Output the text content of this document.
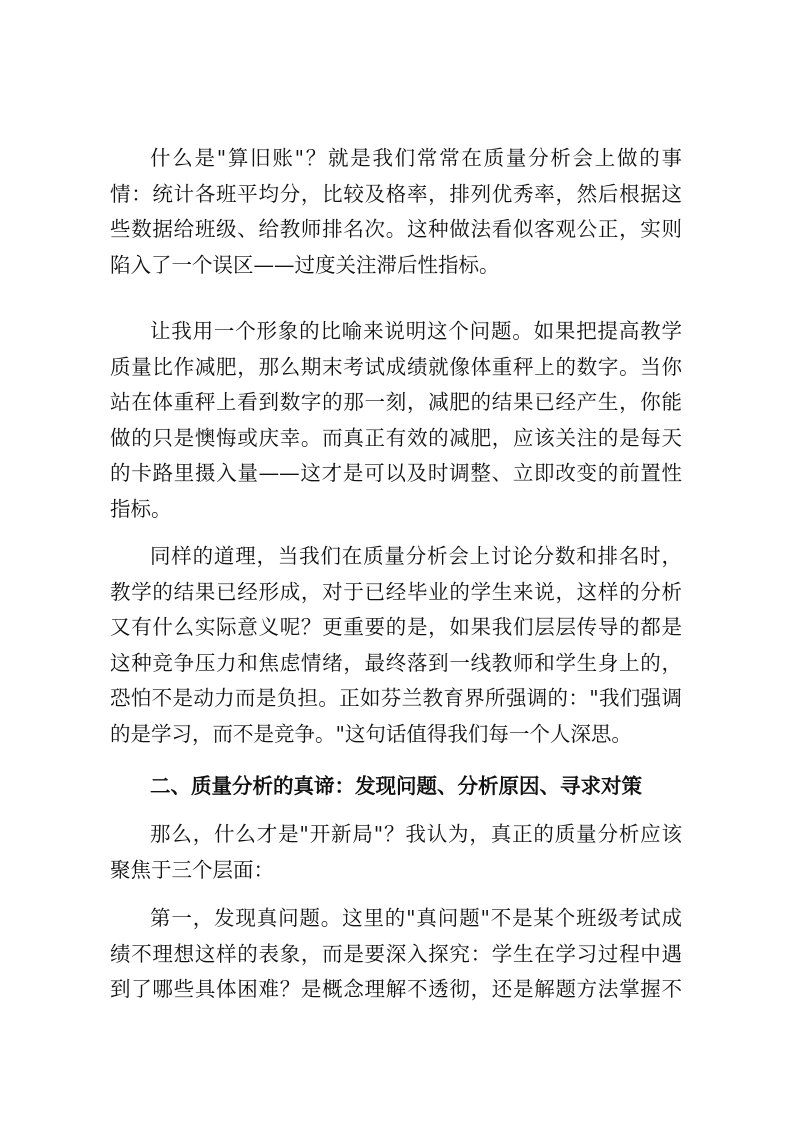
什么是"算旧账"？就是我们常常在质量分析会上做的事
情：统计各班平均分，比较及格率，排列优秀率，然后根据这
些数据给班级、给教师排名次。这种做法看似客观公正，实则
陷入了一个误区——过度关注滞后性指标。
让我用一个形象的比喻来说明这个问题。如果把提高教学
质量比作减肥，那么期末考试成绩就像体重秤上的数字。当你
站在体重秤上看到数字的那一刻，减肥的结果已经产生，你能
做的只是懊悔或庆幸。而真正有效的减肥，应该关注的是每天
的卡路里摄入量——这才是可以及时调整、立即改变的前置性
指标。
同样的道理，当我们在质量分析会上讨论分数和排名时，
教学的结果已经形成，对于已经毕业的学生来说，这样的分析
又有什么实际意义呢？更重要的是，如果我们层层传导的都是
这种竞争压力和焦虑情绪，最终落到一线教师和学生身上的，
恐怕不是动力而是负担。正如芬兰教育界所强调的："我们强调
的是学习，而不是竞争。"这句话值得我们每一个人深思。
二、质量分析的真谛：发现问题、分析原因、寻求对策
那么，什么才是"开新局"？我认为，真正的质量分析应该
聚焦于三个层面：
第一，发现真问题。这里的"真问题"不是某个班级考试成
绩不理想这样的表象，而是要深入探究：学生在学习过程中遇
到了哪些具体困难？是概念理解不透彻，还是解题方法掌握不
